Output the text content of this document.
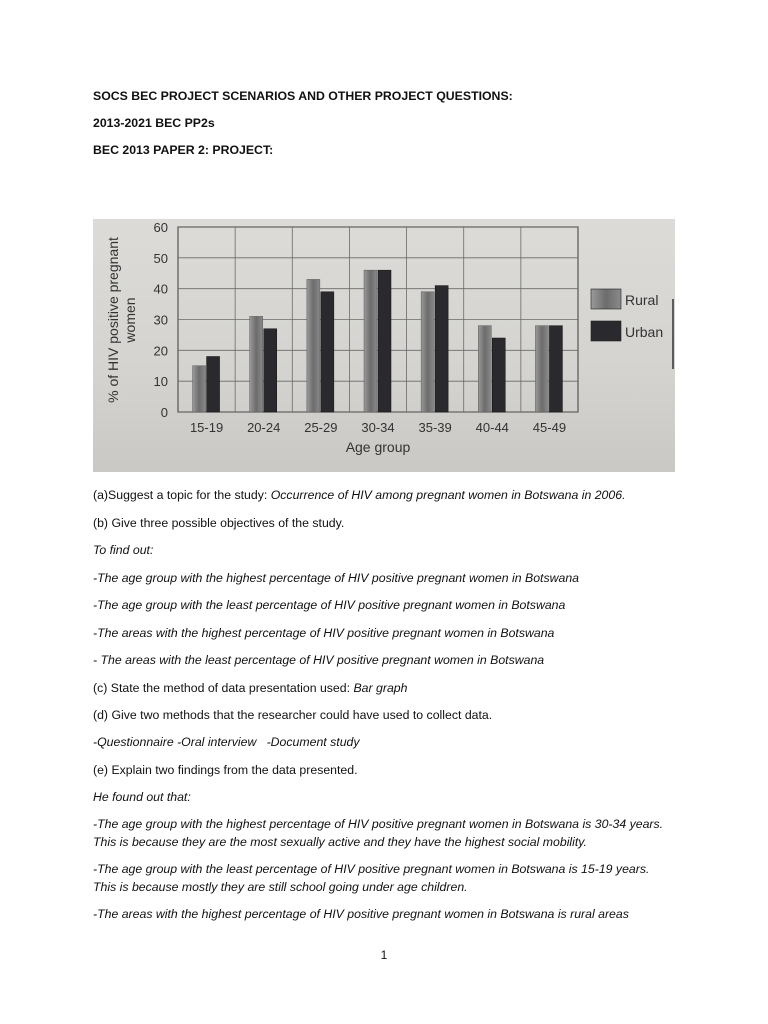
SOCS BEC PROJECT SCENARIOS AND OTHER PROJECT QUESTIONS:
2013-2021 BEC PP2s
BEC 2013 PAPER 2: PROJECT:
0
10
20
30
40
50
60
15-19 20-24 25-29 30-34 35-39 40-44 45-49
Age group
% of HIV positive pregnant women	Rural
Urban
(a)Suggest a topic for the study: Occurrence of HIV among pregnant women in Botswana in 2006.
(b) Give three possible objectives of the study.
To find out:
-The age group with the highest percentage of HIV positive pregnant women in Botswana
-The age group with the least percentage of HIV positive pregnant women in Botswana
-The areas with the highest percentage of HIV positive pregnant women in Botswana
- The areas with the least percentage of HIV positive pregnant women in Botswana
(c) State the method of data presentation used: Bar graph
(d) Give two methods that the researcher could have used to collect data.
-Questionnaire -Oral interview   -Document study
(e) Explain two findings from the data presented.
He found out that:
-The age group with the highest percentage of HIV positive pregnant women in Botswana is 30-34 years. This is because they are the most sexually active and they have the highest social mobility.
-The age group with the least percentage of HIV positive pregnant women in Botswana is 15-19 years. This is because mostly they are still school going under age children.
-The areas with the highest percentage of HIV positive pregnant women in Botswana is rural areas
1
